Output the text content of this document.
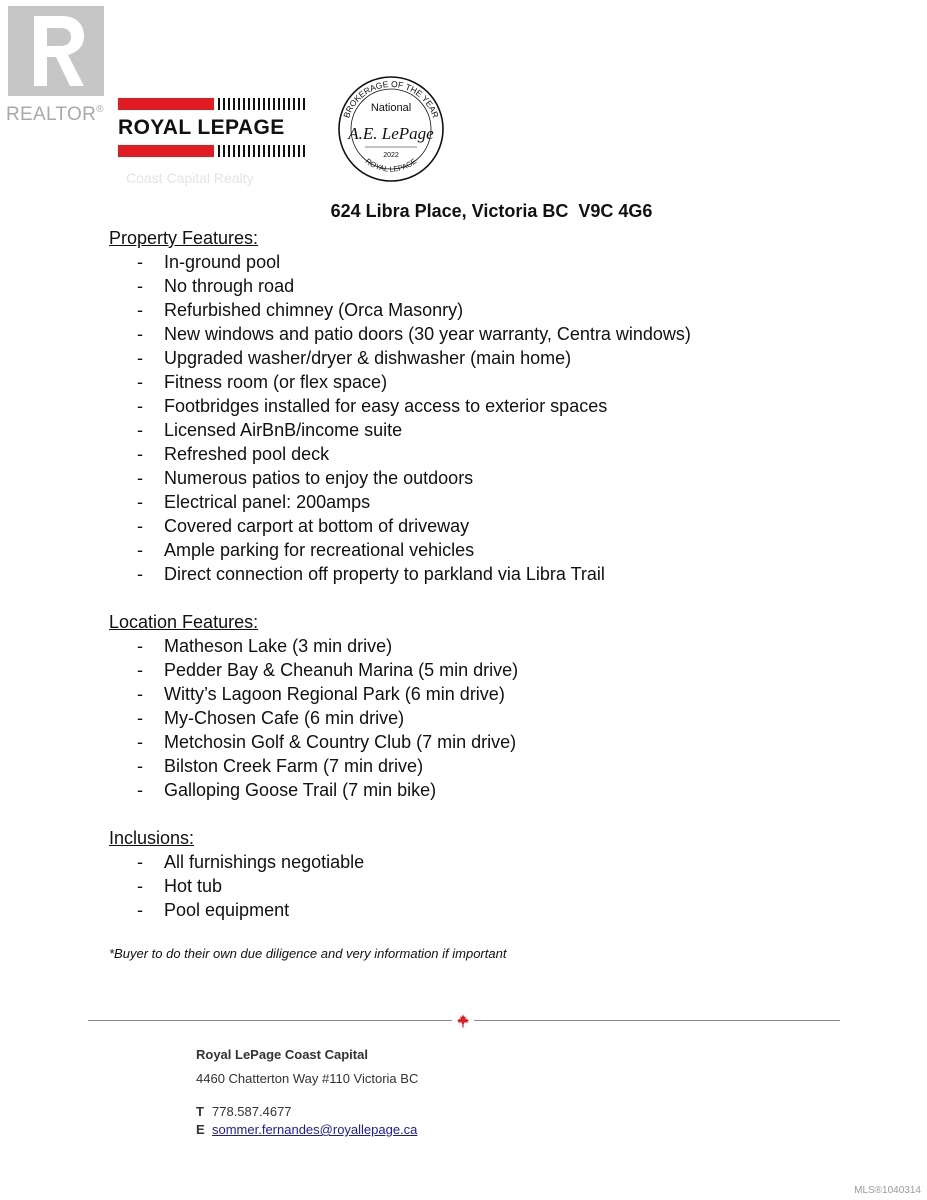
REALTOR®
ROYAL LEPAGE
Coast Capital Realty
BROKERAGE OF THE YEAR
National
A.E. LePage
2022
ROYAL LEPAGE
624 Libra Place, Victoria BC  V9C 4G6

Property Features:

- In-ground pool
- No through road
- Refurbished chimney (Orca Masonry)
- New windows and patio doors (30 year warranty, Centra windows)
- Upgraded washer/dryer & dishwasher (main home)
- Fitness room (or flex space)
- Footbridges installed for easy access to exterior spaces
- Licensed AirBnB/income suite
- Refreshed pool deck
- Numerous patios to enjoy the outdoors
- Electrical panel: 200amps
- Covered carport at bottom of driveway
- Ample parking for recreational vehicles
- Direct connection off property to parkland via Libra Trail

Location Features:

- Matheson Lake (3 min drive)
- Pedder Bay & Cheanuh Marina (5 min drive)
- Witty’s Lagoon Regional Park (6 min drive)
- My-Chosen Cafe (6 min drive)
- Metchosin Golf & Country Club (7 min drive)
- Bilston Creek Farm (7 min drive)
- Galloping Goose Trail (7 min bike)

Inclusions:

- All furnishings negotiable
- Hot tub
- Pool equipment
*Buyer to do their own due diligence and very information if important

Royal LePage Coast Capital

4460 Chatterton Way #110 Victoria BC

T 778.587.4677
E sommer.fernandes@royallepage.ca
MLS®1040314
